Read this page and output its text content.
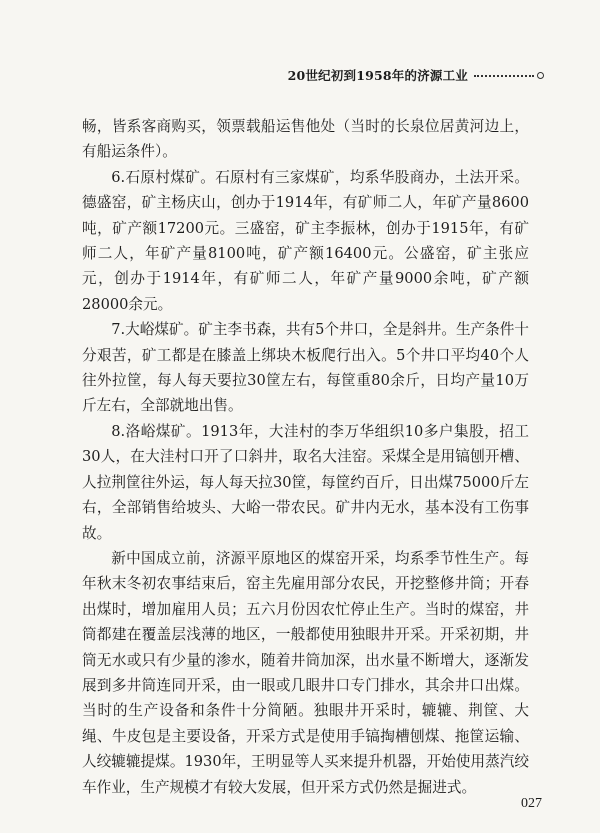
20世纪初到1958年的济源工业

畅，皆系客商购买，领票载船运售他处（当时的长泉位居黄河边上，有船运条件）。

6.石原村煤矿。石原村有三家煤矿，均系华股商办，土法开采。德盛窑，矿主杨庆山，创办于1914年，有矿师二人，年矿产量8600吨，矿产额17200元。三盛窑，矿主李振林，创办于1915年，有矿师二人，年矿产量8100吨，矿产额16400元。公盛窑，矿主张应元，创办于1914年，有矿师二人，年矿产量9000余吨，矿产额28000余元。

7.大峪煤矿。矿主李书森，共有5个井口，全是斜井。生产条件十分艰苦，矿工都是在膝盖上绑块木板爬行出入。5个井口平均40个人往外拉筐，每人每天要拉30筐左右，每筐重80余斤，日均产量10万斤左右，全部就地出售。

8.洛峪煤矿。1913年，大洼村的李万华组织10多户集股，招工30人，在大洼村口开了口斜井，取名大洼窑。采煤全是用镐刨开槽、人拉荆筐往外运，每人每天拉30筐，每筐约百斤，日出煤75000斤左右，全部销售给坡头、大峪一带农民。矿井内无水，基本没有工伤事故。

新中国成立前，济源平原地区的煤窑开采，均系季节性生产。每年秋末冬初农事结束后，窑主先雇用部分农民，开挖整修井筒；开春出煤时，增加雇用人员；五六月份因农忙停止生产。当时的煤窑，井筒都建在覆盖层浅薄的地区，一般都使用独眼井开采。开采初期，井筒无水或只有少量的渗水，随着井筒加深，出水量不断增大，逐渐发展到多井筒连同开采，由一眼或几眼井口专门排水，其余井口出煤。当时的生产设备和条件十分简陋。独眼井开采时，辘辘、荆筐、大绳、牛皮包是主要设备，开采方式是使用手镐掏槽刨煤、拖筐运输、人绞辘辘提煤。1930年，王明显等人买来提升机器，开始使用蒸汽绞车作业，生产规模才有较大发展，但开采方式仍然是掘进式。

027
